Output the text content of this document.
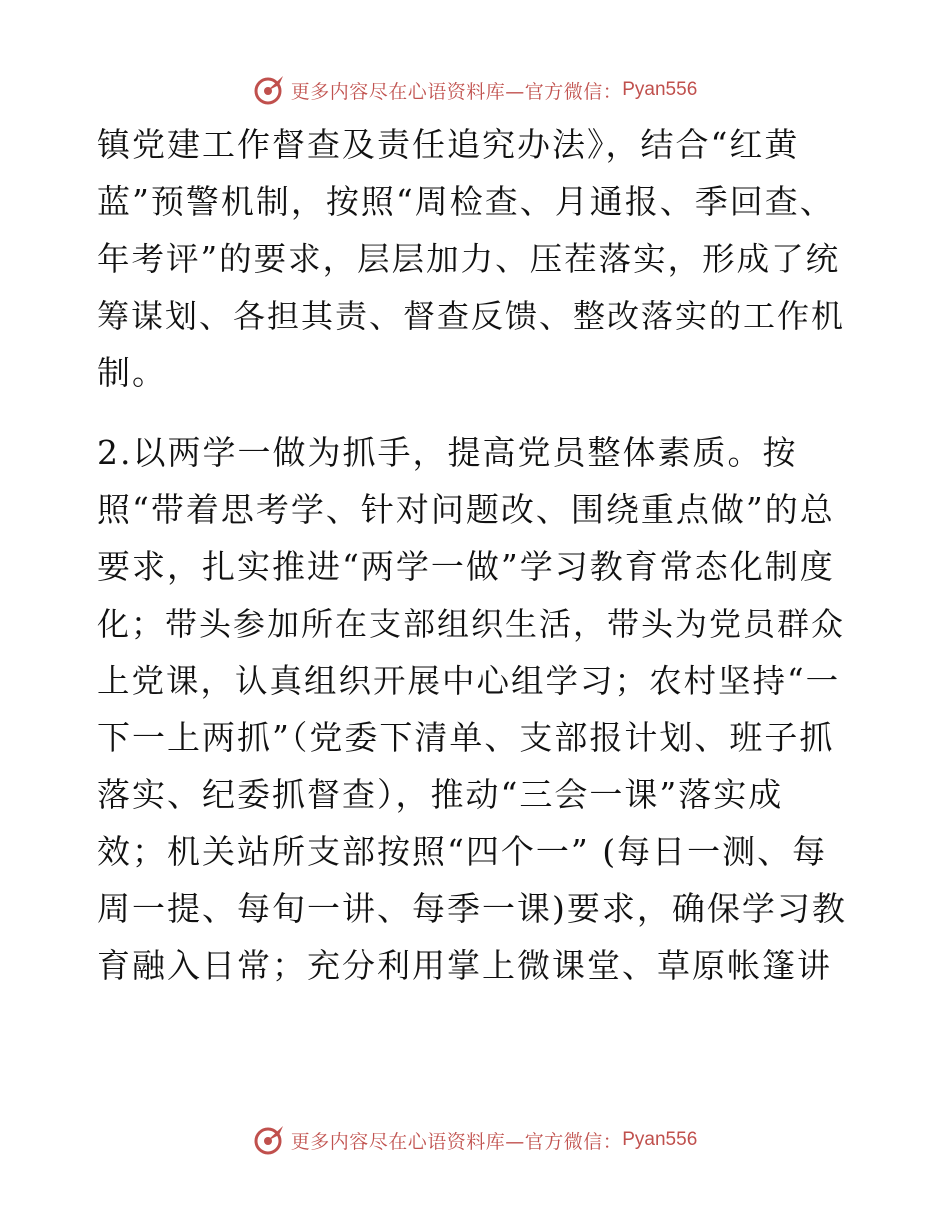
更多内容尽在心语资料库—官方微信： Pyan556
镇党建工作督查及责任追究办法》，结合“红黄
蓝”预警机制，按照“周检查、月通报、季回查、
年考评”的要求，层层加力、压茬落实，形成了统
筹谋划、各担其责、督查反馈、整改落实的工作机
制。
2.以两学一做为抓手，提高党员整体素质。按
照“带着思考学、针对问题改、围绕重点做”的总
要求，扎实推进“两学一做”学习教育常态化制度
化；带头参加所在支部组织生活，带头为党员群众
上党课，认真组织开展中心组学习；农村坚持“一
下一上两抓”（党委下清单、支部报计划、班子抓
落实、纪委抓督查），推动“三会一课”落实成
效；机关站所支部按照“四个一” (每日一测、每
周一提、每旬一讲、每季一课)要求，确保学习教
育融入日常；充分利用掌上微课堂、草原帐篷讲
更多内容尽在心语资料库—官方微信： Pyan556
